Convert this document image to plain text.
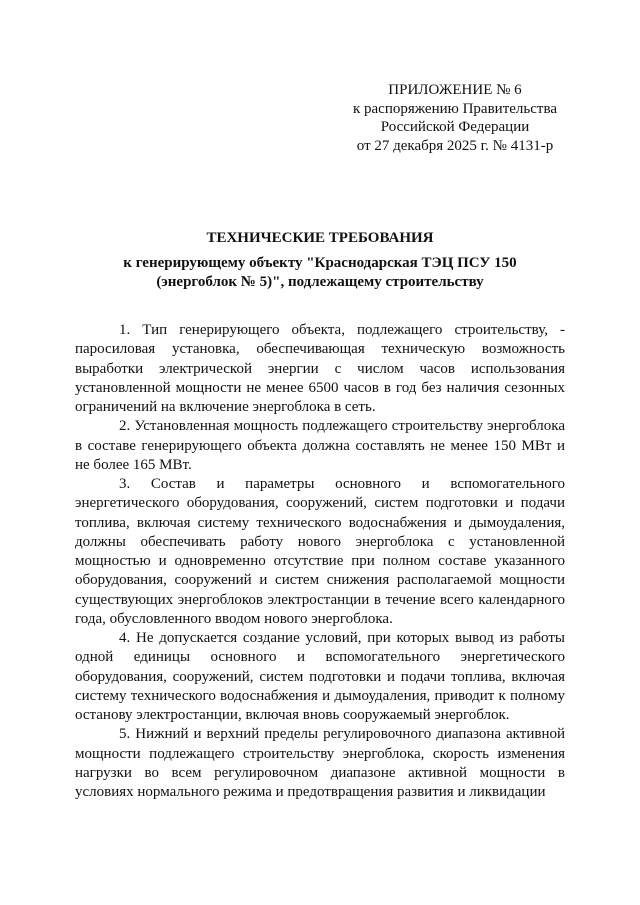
ПРИЛОЖЕНИЕ № 6
к распоряжению Правительства
Российской Федерации
от 27 декабря 2025 г. № 4131-р
ТЕХНИЧЕСКИЕ ТРЕБОВАНИЯ
к генерирующему объекту "Краснодарская ТЭЦ ПСУ 150
(энергоблок № 5)", подлежащему строительству

1. Тип генерирующего объекта, подлежащего строительству, - паросиловая установка, обеспечивающая техническую возможность выработки электрической энергии с числом часов использования установленной мощности не менее 6500 часов в год без наличия сезонных ограничений на включение энергоблока в сеть.

2. Установленная мощность подлежащего строительству энергоблока в составе генерирующего объекта должна составлять не менее 150 МВт и не более 165 МВт.

3. Состав и параметры основного и вспомогательного энергетического оборудования, сооружений, систем подготовки и подачи топлива, включая систему технического водоснабжения и дымоудаления, должны обеспечивать работу нового энергоблока с установленной мощностью и одновременно отсутствие при полном составе указанного оборудования, сооружений и систем снижения располагаемой мощности существующих энергоблоков электростанции в течение всего календарного года, обусловленного вводом нового энергоблока.

4. Не допускается создание условий, при которых вывод из работы одной единицы основного и вспомогательного энергетического оборудования, сооружений, систем подготовки и подачи топлива, включая систему технического водоснабжения и дымоудаления, приводит к полному останову электростанции, включая вновь сооружаемый энергоблок.

5. Нижний и верхний пределы регулировочного диапазона активной мощности подлежащего строительству энергоблока, скорость изменения нагрузки во всем регулировочном диапазоне активной мощности в условиях нормального режима и предотвращения развития и ликвидации
